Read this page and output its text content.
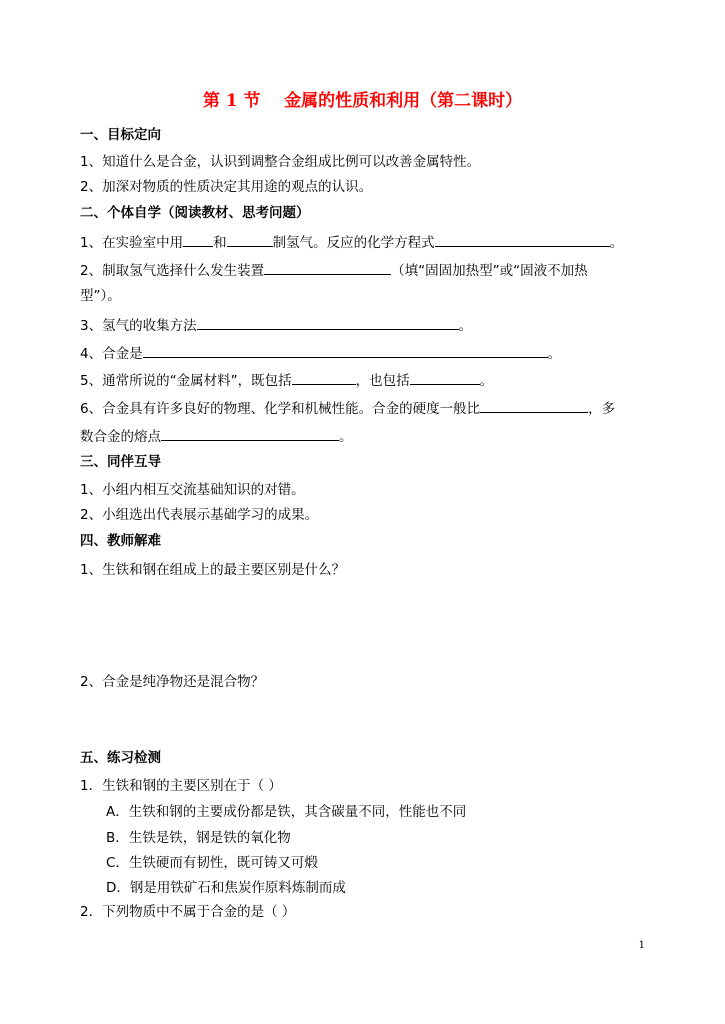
第 1 节    金属的性质和利用（第二课时）
一、目标定向
1、知道什么是合金，认识到调整合金组成比例可以改善金属特性。
2、加深对物质的性质决定其用途的观点的认识。
二、个体自学（阅读教材、思考问题）
1、在实验室中用 和	制氢气。反应的化学方程式	。
2、制取氢气选择什么发生装置	（填“固固加热型”或“固液不加热
型”）。
3、氢气的收集方法	。
4、合金是	。
5、通常所说的“金属材料”，既包括	，也包括	。
6、合金具有许多良好的物理、化学和机械性能。合金的硬度一般比	，多
数合金的熔点	。
三、同伴互导
1、小组内相互交流基础知识的对错。
2、小组选出代表展示基础学习的成果。
四、教师解难
1、生铁和钢在组成上的最主要区别是什么？
2、合金是纯净物还是混合物？
五、练习检测
1．生铁和钢的主要区别在于（ ）
A．生铁和钢的主要成份都是铁，其含碳量不同，性能也不同
B．生铁是铁，钢是铁的氧化物
C．生铁硬而有韧性，既可铸又可煅
D．钢是用铁矿石和焦炭作原料炼制而成
2．下列物质中不属于合金的是（ ）
1
